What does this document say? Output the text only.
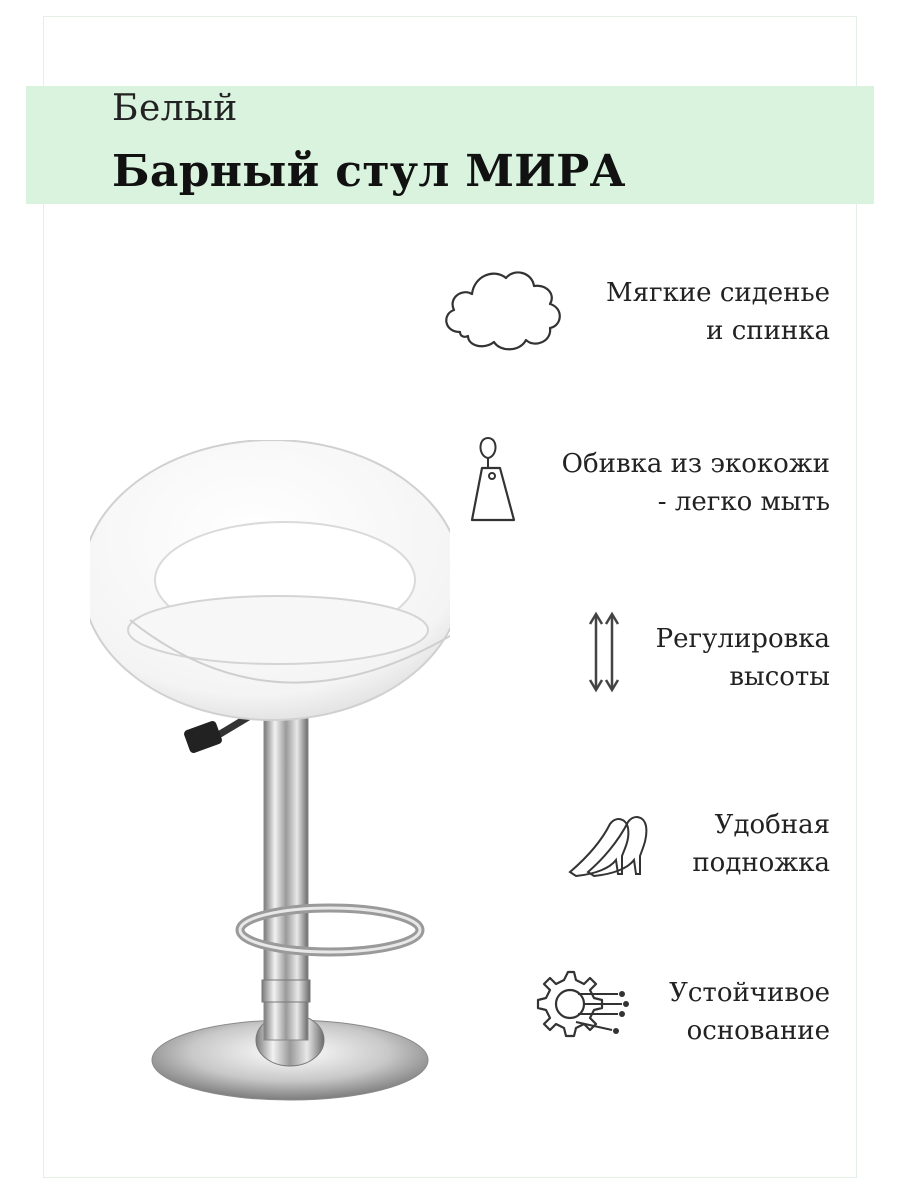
Белый
Барный стул МИРА
Мягкие сиденье
и спинка
Обивка из экокожи
- легко мыть
Регулировка
высоты
Удобная
подножка
Устойчивое
основание
